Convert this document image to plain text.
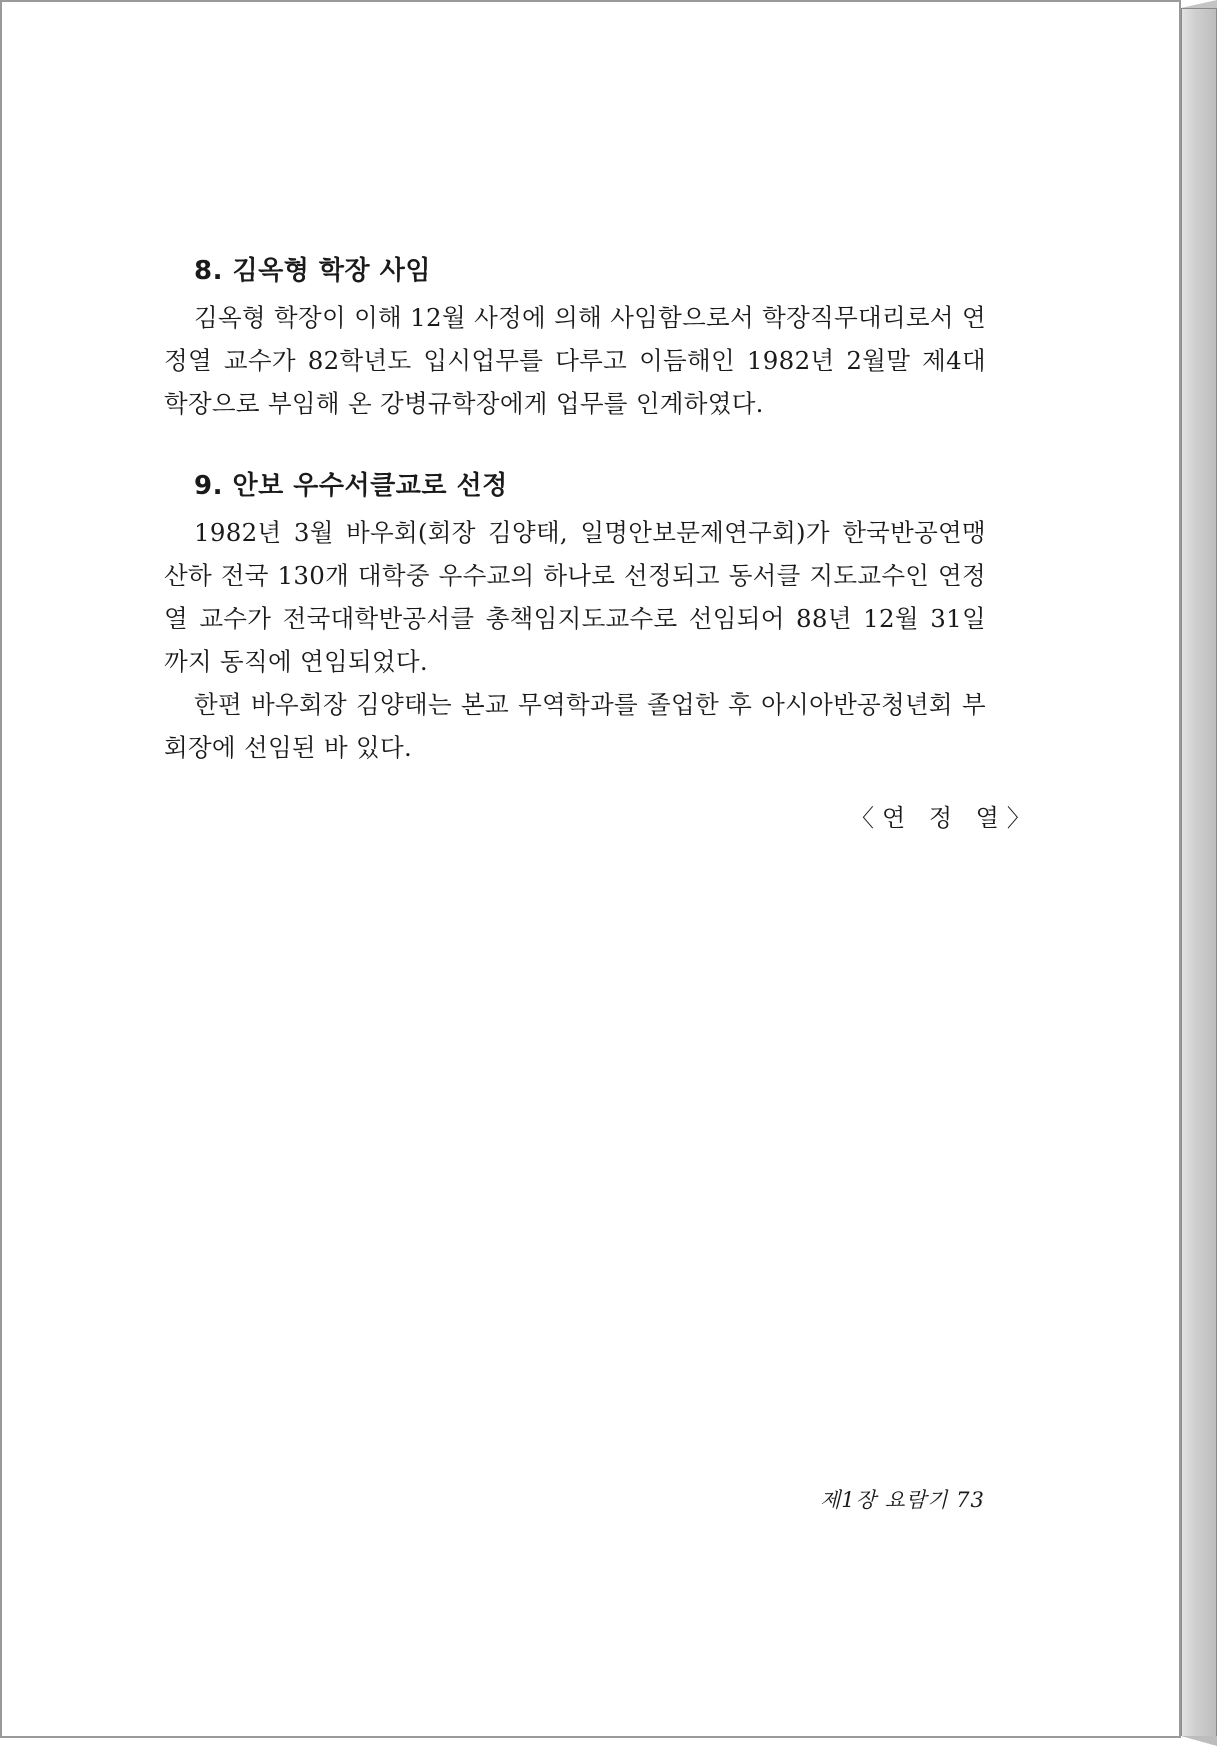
8. 김옥형 학장 사임

김옥형 학장이 이해 12월 사정에 의해 사임함으로서 학장직무대리로서 연정열 교수가 82학년도 입시업무를 다루고 이듬해인 1982년 2월말 제4대 학장으로 부임해 온 강병규학장에게 업무를 인계하였다.

9. 안보 우수서클교로 선정

1982년 3월 바우회(회장 김양태, 일명안보문제연구회)가 한국반공연맹 산하 전국 130개 대학중 우수교의 하나로 선정되고 동서클 지도교수인 연정열 교수가 전국대학반공서클 총책임지도교수로 선임되어 88년 12월 31일까지 동직에 연임되었다.

한편 바우회장 김양태는 본교 무역학과를 졸업한 후 아시아반공청년회 부회장에 선임된 바 있다.

〈연 정 열〉
제1장 요람기 73
